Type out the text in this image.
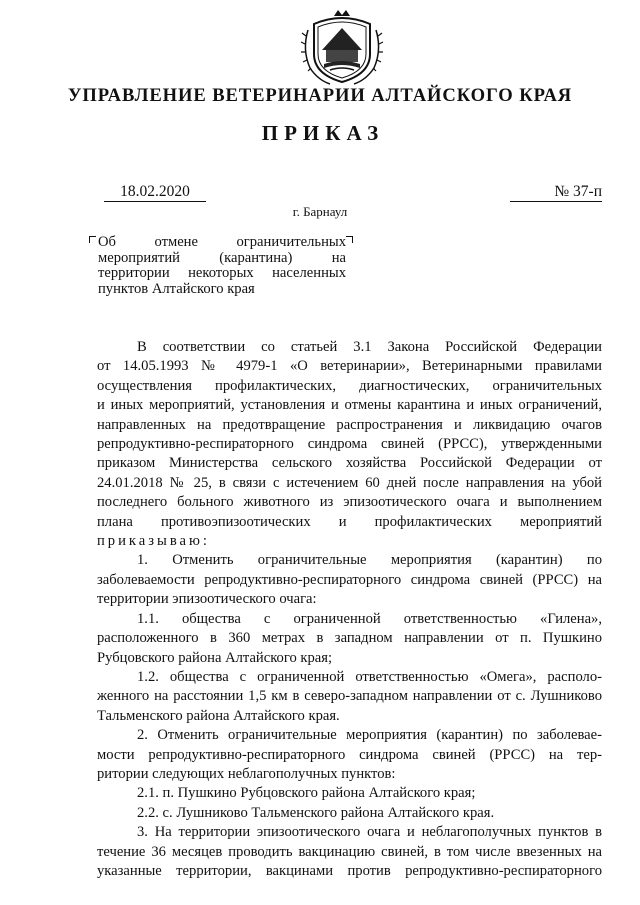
УПРАВЛЕНИЕ ВЕТЕРИНАРИИ АЛТАЙСКОГО КРАЯ
ПРИКАЗ
18.02.2020	№ 37-п
г. Барнаул
Об отмене ограничительных мероприятий (карантина) на территории некоторых населенных пунктов Алтайского края
В соответствии со статьей 3.1 Закона Российской Федерации
от 14.05.1993 № 4979-1 «О ветеринарии», Ветеринарными правилами
осуществления профилактических, диагностических, ограничительных
и иных мероприятий, установления и отмены карантина и иных ограничений,
направленных на предотвращение распространения и ликвидацию очагов
репродуктивно-респираторного синдрома свиней (РРСС), утвержденными
приказом Министерства сельского хозяйства Российской Федерации от
24.01.2018 № 25, в связи с истечением 60 дней после направления на убой
последнего больного животного из эпизоотического очага и выполнением
плана противоэпизоотических и профилактических мероприятий
приказываю:
1. Отменить ограничительные мероприятия (карантин) по
заболеваемости репродуктивно-респираторного синдрома свиней (РРСС) на
территории эпизоотического очага:
1.1. общества с ограниченной ответственностью «Гилена»,
расположенного в 360 метрах в западном направлении от п. Пушкино
Рубцовского района Алтайского края;
1.2. общества с ограниченной ответственностью «Омега», располо-
женного на расстоянии 1,5 км в северо-западном направлении от с. Лушниково
Тальменского района Алтайского края.
2. Отменить ограничительные мероприятия (карантин) по заболевае-
мости репродуктивно-респираторного синдрома свиней (РРСС) на тер-
ритории следующих неблагополучных пунктов:
2.1. п. Пушкино Рубцовского района Алтайского края;
2.2. с. Лушниково Тальменского района Алтайского края.
3. На территории эпизоотического очага и неблагополучных пунктов в
течение 36 месяцев проводить вакцинацию свиней, в том числе ввезенных на
указанные территории, вакцинами против репродуктивно-респираторного
